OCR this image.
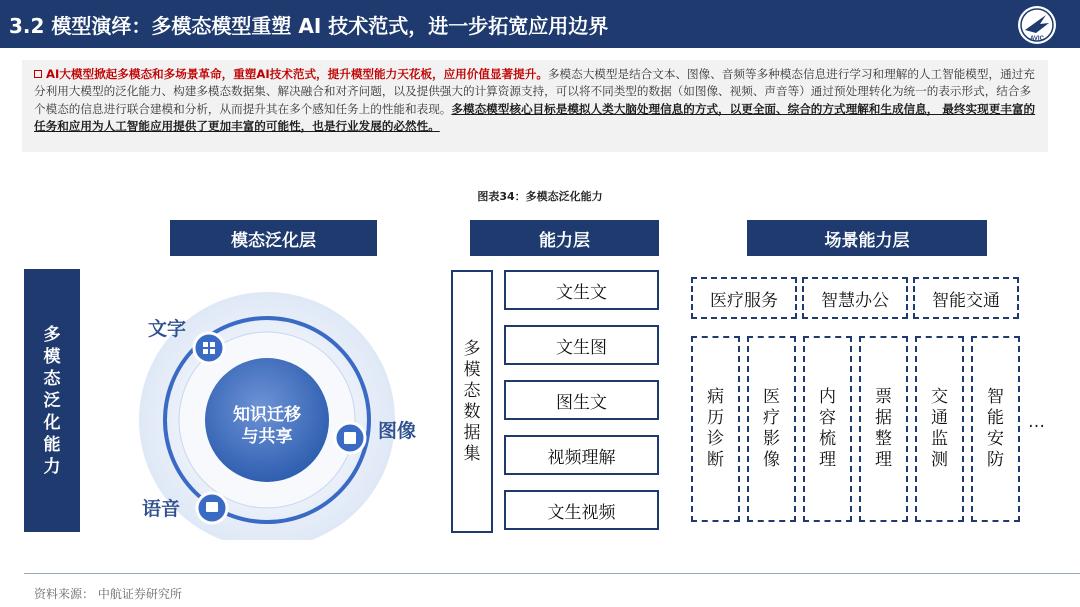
3.2 模型演绎：多模态模型重塑 AI 技术范式，进一步拓宽应用边界
AVIC
AI大模型掀起多模态和多场景革命，重塑AI技术范式，提升模型能力天花板，应用价值显著提升。多模态大模型是结合文本、图像、音频等多种模态信息进行学习和理解的人工智能模型，通过充分利用大模型的泛化能力、构建多模态数据集、解决融合和对齐问题，以及提供强大的计算资源支持，可以将不同类型的数据（如图像、视频、声音等）通过预处理转化为统一的表示形式，结合多个模态的信息进行联合建模和分析，从而提升其在多个感知任务上的性能和表现。多模态模型核心目标是模拟人类大脑处理信息的方式，以更全面、综合的方式理解和生成信息， 最终实现更丰富的任务和应用为人工智能应用提供了更加丰富的可能性，也是行业发展的必然性。
图表34：多模态泛化能力
模态泛化层	能力层	场景能力层
多
模
态
泛
化
能
力
文字
图像
语音
知识迁移
与共享
多
模
态
数
据
集
文生文
文生图
图生文
视频理解
文生视频
医疗服务	智慧办公	智能交通
病
历
诊
断
医
疗
影
像
内
容
梳
理
票
据
整
理
交
通
监
测
智
能
安
防
…
资料来源： 中航证券研究所
